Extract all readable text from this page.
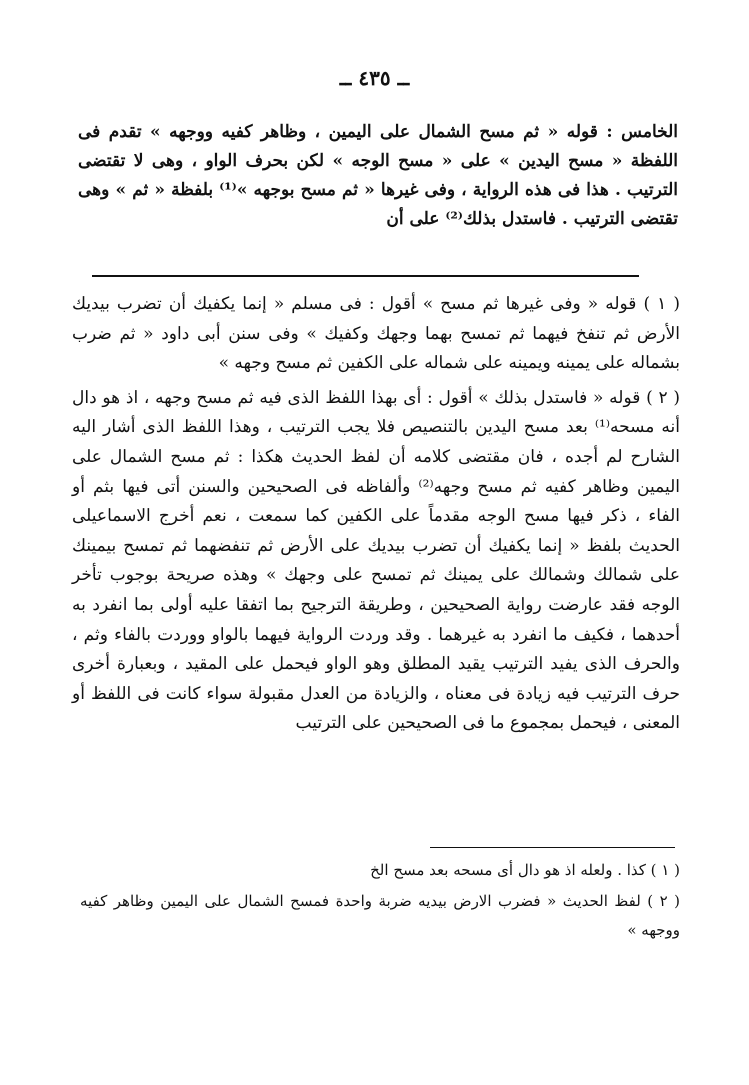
ــ ٤٣٥ ــ

الخامس : قوله « ثم مسح الشمال على اليمين ، وظاهر كفيه ووجهه » تقدم فى اللفظة « مسح اليدين » على « مسح الوجه » لكن بحرف الواو ، وهى لا تقتضى الترتيب . هذا فى هذه الرواية ، وفى غيرها « ثم مسح بوجهه »⁽¹⁾ بلفظة « ثم » وهى تقتضى الترتيب . فاستدل بذلك⁽²⁾ على أن

( ١ ) قوله « وفى غيرها ثم مسح » أقول : فى مسلم « إنما يكفيك أن تضرب بيديك الأرض ثم تنفخ فيهما ثم تمسح بهما وجهك وكفيك » وفى سنن أبى داود « ثم ضرب بشماله على يمينه ويمينه على شماله على الكفين ثم مسح وجهه »

( ٢ ) قوله « فاستدل بذلك » أقول : أى بهذا اللفظ الذى فيه ثم مسح وجهه ، اذ هو دال أنه مسحه⁽¹⁾ بعد مسح اليدين بالتنصيص فلا يجب الترتيب ، وهذا اللفظ الذى أشار اليه الشارح لم أجده ، فان مقتضى كلامه أن لفظ الحديث هكذا : ثم مسح الشمال على اليمين وظاهر كفيه ثم مسح وجهه⁽²⁾ وألفاظه فى الصحيحين والسنن أتى فيها بثم أو الفاء ، ذكر فيها مسح الوجه مقدماً على الكفين كما سمعت ، نعم أخرج الاسماعيلى الحديث بلفظ « إنما يكفيك أن تضرب بيديك على الأرض ثم تنفضهما ثم تمسح بيمينك على شمالك وشمالك على يمينك ثم تمسح على وجهك » وهذه صريحة بوجوب تأخر الوجه فقد عارضت رواية الصحيحين ، وطريقة الترجيح بما اتفقا عليه أولى بما انفرد به أحدهما ، فكيف ما انفرد به غيرهما . وقد وردت الرواية فيهما بالواو ووردت بالفاء وثم ، والحرف الذى يفيد الترتيب يقيد المطلق وهو الواو فيحمل على المقيد ، وبعبارة أخرى حرف الترتيب فيه زيادة فى معناه ، والزيادة من العدل مقبولة سواء كانت فى اللفظ أو المعنى ، فيحمل بمجموع ما فى الصحيحين على الترتيب

( ١ ) كذا . ولعله اذ هو دال أى مسحه بعد مسح الخ

( ٢ ) لفظ الحديث « فضرب الارض بيديه ضربة واحدة فمسح الشمال على اليمين وظاهر كفيه ووجهه »
